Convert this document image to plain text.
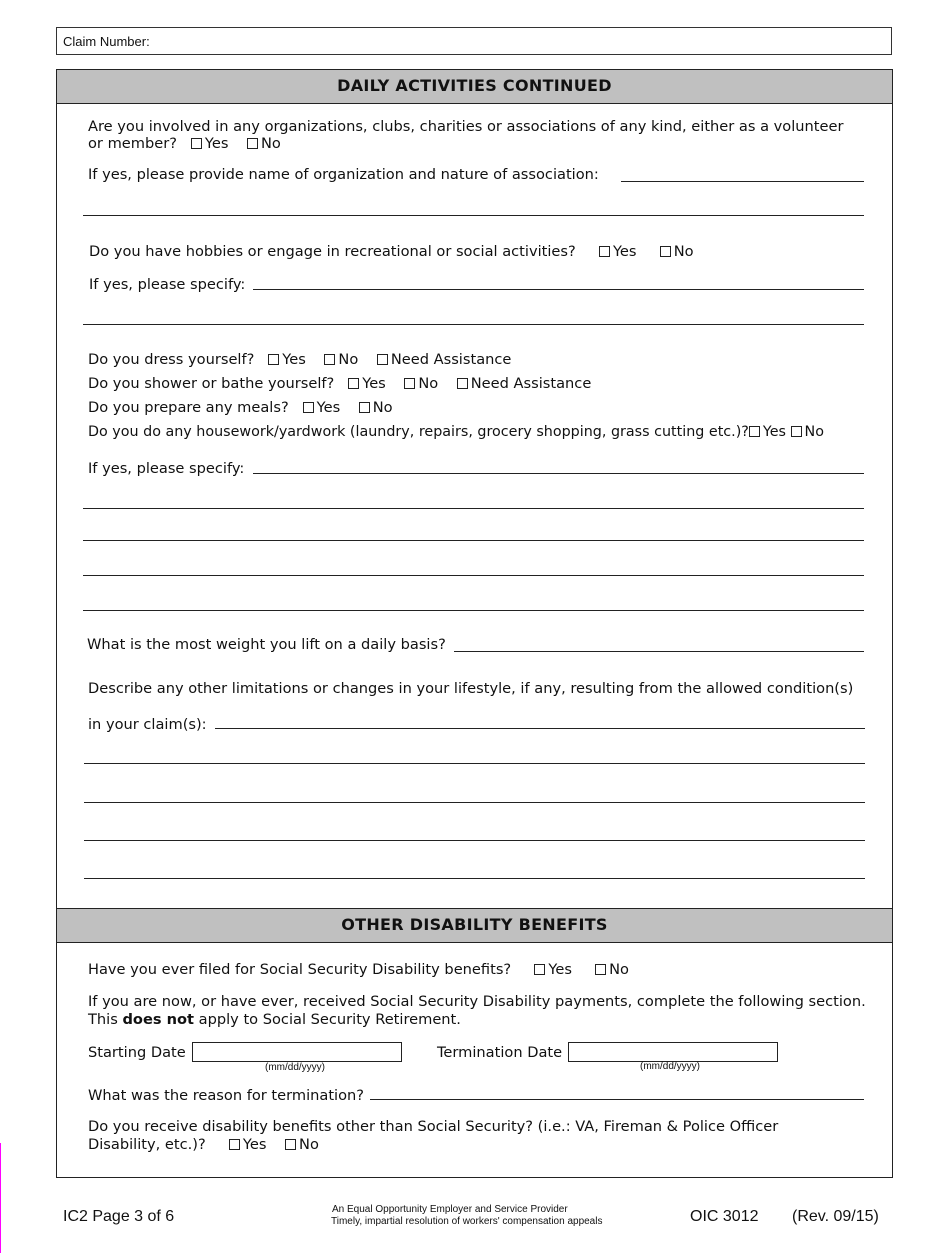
Claim Number:
DAILY ACTIVITIES CONTINUED
Are you involved in any organizations, clubs, charities or associations of any kind, either as a volunteer
or member? Yes No
If yes, please provide name of organization and nature of association:
Do you have hobbies or engage in recreational or social activities?	Yes	No
If yes, please specify:
Do you dress yourself? Yes No Need Assistance
Do you shower or bathe yourself? Yes No Need Assistance
Do you prepare any meals? Yes No
Do you do any housework/yardwork (laundry, repairs, grocery shopping, grass cutting etc.)? Yes No
If yes, please specify:
What is the most weight you lift on a daily basis?
Describe any other limitations or changes in your lifestyle, if any, resulting from the allowed condition(s)
in your claim(s):
OTHER DISABILITY BENEFITS
Have you ever filed for Social Security Disability benefits?	Yes	No
If you are now, or have ever, received Social Security Disability payments, complete the following section.
This does not apply to Social Security Retirement.
Starting Date
(mm/dd/yyyy)
Termination Date
(mm/dd/yyyy)
What was the reason for termination?
Do you receive disability benefits other than Social Security? (i.e.: VA, Fireman & Police Officer
Disability, etc.)?	Yes No
IC2 Page 3 of 6	An Equal Opportunity Employer and Service Provider
Timely, impartial resolution of workers' compensation appeals	OIC 3012 (Rev. 09/15)
